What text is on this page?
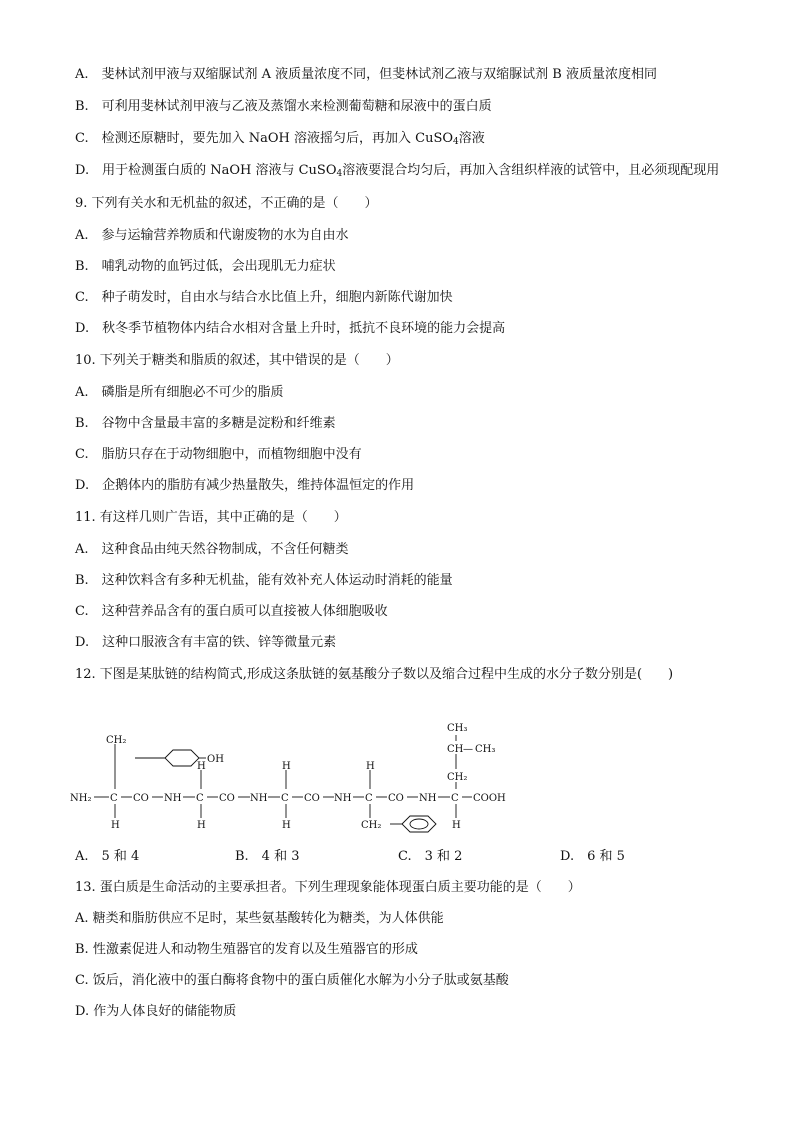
A.　斐林试剂甲液与双缩脲试剂 A 液质量浓度不同，但斐林试剂乙液与双缩脲试剂 B 液质量浓度相同
B.　可利用斐林试剂甲液与乙液及蒸馏水来检测葡萄糖和尿液中的蛋白质
C.　检测还原糖时，要先加入 NaOH 溶液摇匀后，再加入 CuSO$_4$溶液
D.　用于检测蛋白质的 NaOH 溶液与 CuSO$_4$溶液要混合均匀后，再加入含组织样液的试管中，且必须现配现用
9. 下列有关水和无机盐的叙述，不正确的是（　　）
A.　参与运输营养物质和代谢废物的水为自由水
B.　哺乳动物的血钙过低，会出现肌无力症状
C.　种子萌发时，自由水与结合水比值上升，细胞内新陈代谢加快
D.　秋冬季节植物体内结合水相对含量上升时，抵抗不良环境的能力会提高
10. 下列关于糖类和脂质的叙述，其中错误的是（　　）
A.　磷脂是所有细胞必不可少的脂质
B.　谷物中含量最丰富的多糖是淀粉和纤维素
C.　脂肪只存在于动物细胞中，而植物细胞中没有
D.　企鹅体内的脂肪有减少热量散失，维持体温恒定的作用
11. 有这样几则广告语，其中正确的是（　　）
A.　这种食品由纯天然谷物制成，不含任何糖类
B.　这种饮料含有多种无机盐，能有效补充人体运动时消耗的能量
C.　这种营养品含有的蛋白质可以直接被人体细胞吸收
D.　这种口服液含有丰富的铁、锌等微量元素
12. 下图是某肽链的结构简式,形成这条肽链的氨基酸分子数以及缩合过程中生成的水分子数分别是(　　)
NH₂ C CO NH C CO NH C CO NH C CO NH C COOH
CH₂
OH
H
H
H
H
H
H
CH₂
CH₃
CH — CH₃
CH₂
H
A.　5 和 4	B.　4 和 3	C.　3 和 2	D.　6 和 5
13. 蛋白质是生命活动的主要承担者。下列生理现象能体现蛋白质主要功能的是（　　）
A. 糖类和脂肪供应不足时，某些氨基酸转化为糖类，为人体供能
B. 性激素促进人和动物生殖器官的发育以及生殖器官的形成
C. 饭后，消化液中的蛋白酶将食物中的蛋白质催化水解为小分子肽或氨基酸
D. 作为人体良好的储能物质
